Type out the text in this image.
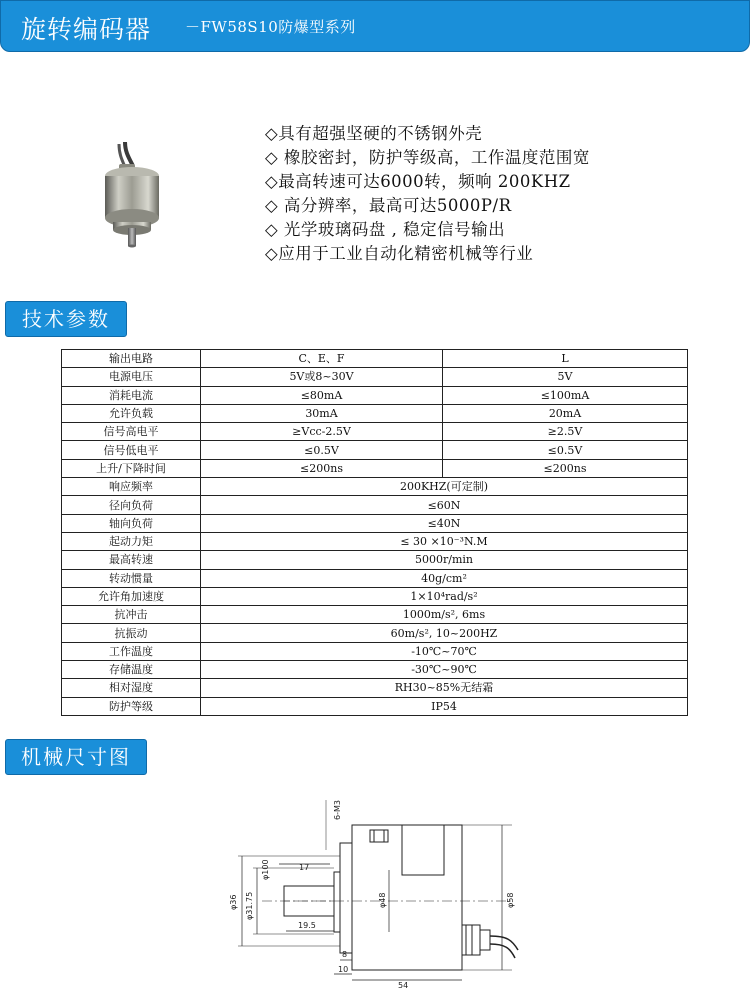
旋转编码器 －FW58S10防爆型系列
◇具有超强坚硬的不锈钢外壳
◇ 橡胶密封，防护等级高，工作温度范围宽
◇最高转速可达6000转，频响 200KHZ
◇ 高分辨率，最高可达5000P/R
◇ 光学玻璃码盘 , 稳定信号输出
◇应用于工业自动化精密机械等行业
技术参数
输出电路	C、E、F	L
电源电压	5V或8~30V	5V
消耗电流	≤80mA	≤100mA
允许负载	30mA	20mA
信号高电平	≥Vcc-2.5V	≥2.5V
信号低电平	≤0.5V	≤0.5V
上升/下降时间	≤200ns	≤200ns
响应频率	200KHZ(可定制)	
径向负荷	≤60N	
轴向负荷	≤40N	
起动力矩	≤ 30 ×10⁻³N.M	
最高转速	5000r/min	
转动惯量	40g/cm²	
允许角加速度	1×10⁴rad/s²	
抗冲击	1000m/s², 6ms	
抗振动	60m/s², 10~200HZ	
工作温度	-10℃~70℃	
存储温度	-30℃~90℃	
相对湿度	RH30~85%无结霜	
防护等级	IP54	
机械尺寸图
6-M3
φ100	17
φ36 φ31.75	φ48	φ58
19.5
8
10
54
